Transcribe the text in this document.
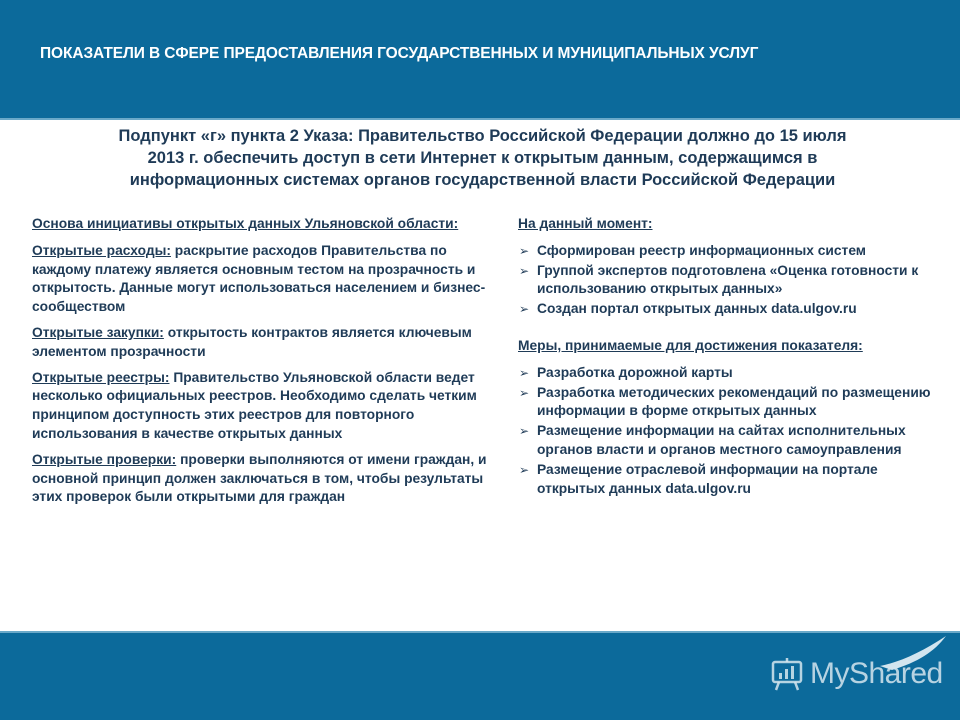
ПОКАЗАТЕЛИ В СФЕРЕ ПРЕДОСТАВЛЕНИЯ ГОСУДАРСТВЕННЫХ И МУНИЦИПАЛЬНЫХ УСЛУГ
Подпункт «г» пункта 2 Указа: Правительство Российской Федерации должно до 15 июля
2013 г. обеспечить доступ в сети Интернет к открытым данным, содержащимся в
информационных системах органов государственной власти Российской Федерации
Основа инициативы открытых данных Ульяновской области:
Открытые расходы: раскрытие расходов Правительства по каждому платежу является основным тестом на прозрачность и открытость. Данные могут использоваться населением и бизнес-сообществом
Открытые закупки: открытость контрактов является ключевым элементом прозрачности
Открытые реестры: Правительство Ульяновской области ведет несколько официальных реестров. Необходимо сделать четким принципом доступность этих реестров для повторного использования в качестве открытых данных
Открытые проверки: проверки выполняются от имени граждан, и основной принцип должен заключаться в том, чтобы результаты этих проверок были открытыми для граждан
На данный момент:
➢ Сформирован реестр информационных систем
➢ Группой экспертов подготовлена «Оценка готовности к использованию открытых данных»
➢ Создан портал открытых данных data.ulgov.ru
Меры, принимаемые для достижения показателя:
➢ Разработка дорожной карты
➢ Разработка методических рекомендаций по размещению информации в форме открытых данных
➢ Размещение информации на сайтах исполнительных органов власти и органов местного самоуправления
➢ Размещение отраслевой информации на портале открытых данных data.ulgov.ru
MyShared
